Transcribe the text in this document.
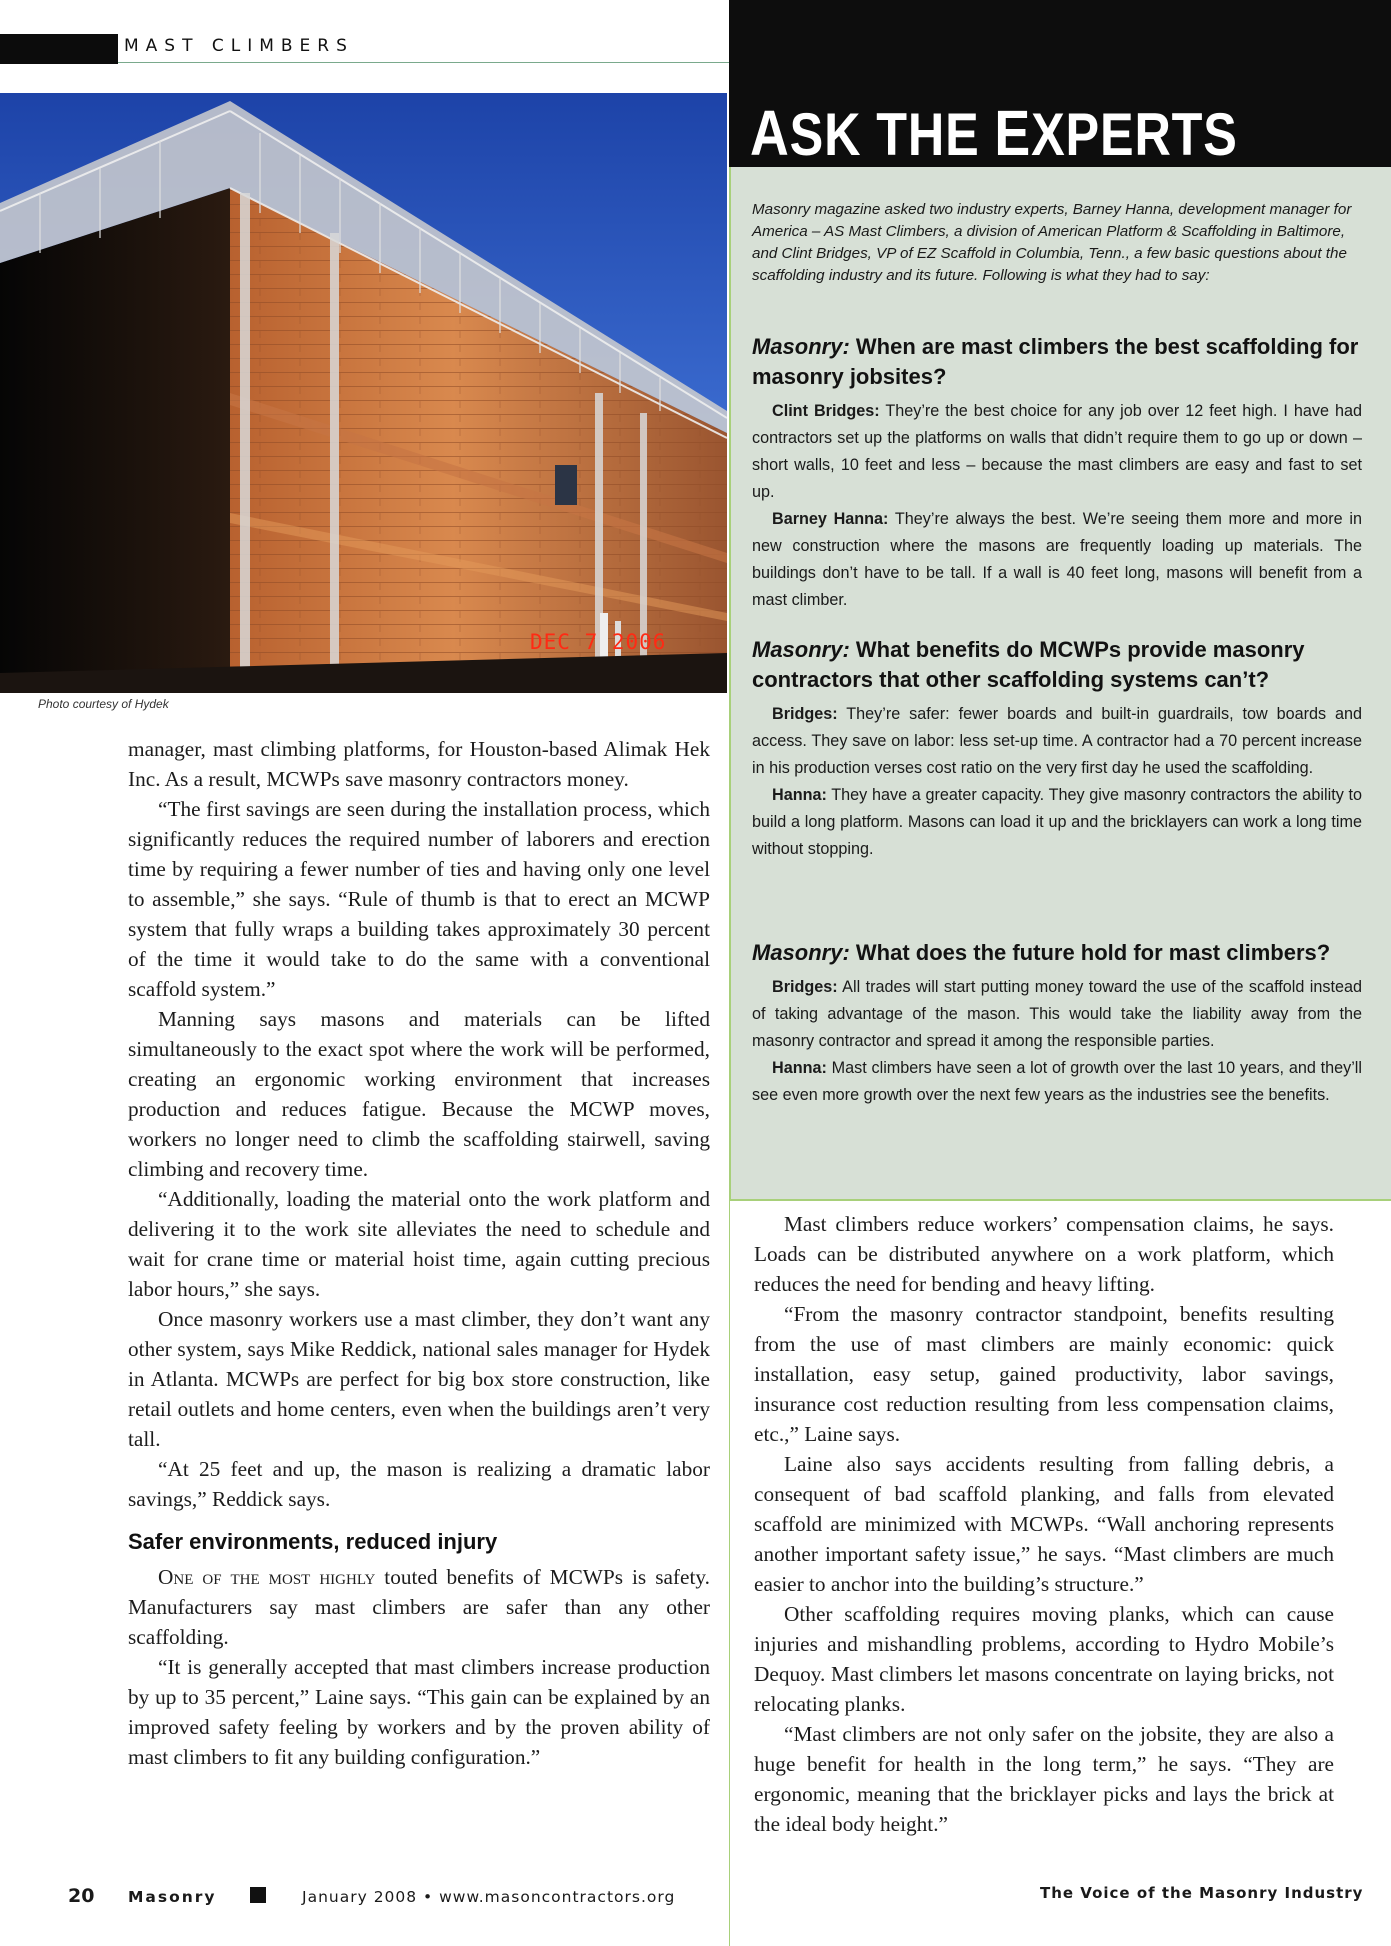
MAST CLIMBERS
DEC 7 2006
Photo courtesy of Hydek

manager, mast climbing platforms, for Houston-based Alimak Hek Inc. As a result, MCWPs save masonry contractors money.

“The first savings are seen during the installation process, which significantly reduces the required number of laborers and erection time by requiring a fewer number of ties and having only one level to assemble,” she says. “Rule of thumb is that to erect an MCWP system that fully wraps a building takes approximately 30 percent of the time it would take to do the same with a conventional scaffold system.”

Manning says masons and materials can be lifted simultaneously to the exact spot where the work will be performed, creating an ergonomic working environment that increases production and reduces fatigue. Because the MCWP moves, workers no longer need to climb the scaffolding stairwell, saving climbing and recovery time.

“Additionally, loading the material onto the work platform and delivering it to the work site alleviates the need to schedule and wait for crane time or material hoist time, again cutting precious labor hours,” she says.

Once masonry workers use a mast climber, they don’t want any other system, says Mike Reddick, national sales manager for Hydek in Atlanta. MCWPs are perfect for big box store construction, like retail outlets and home centers, even when the buildings aren’t very tall.

“At 25 feet and up, the mason is realizing a dramatic labor savings,” Reddick says.

Safer environments, reduced injury

One of the most highly touted benefits of MCWPs is safety. Manufacturers say mast climbers are safer than any other scaffolding.

“It is generally accepted that mast climbers increase production by up to 35 percent,” Laine says. “This gain can be explained by an improved safety feeling by workers and by the proven ability of mast climbers to fit any building configuration.”

ASK THE EXPERTS
Masonry magazine asked two industry experts, Barney Hanna, development manager for America – AS Mast Climbers, a division of American Platform & Scaffolding in Baltimore, and Clint Bridges, VP of EZ Scaffold in Columbia, Tenn., a few basic questions about the scaffolding industry and its future. Following is what they had to say:
Masonry: When are mast climbers the best scaffolding for masonry jobsites?

Clint Bridges: They’re the best choice for any job over 12 feet high. I have had contractors set up the platforms on walls that didn’t require them to go up or down – short walls, 10 feet and less – because the mast climbers are easy and fast to set up.

Barney Hanna: They’re always the best. We’re seeing them more and more in new construction where the masons are frequently loading up materials. The buildings don’t have to be tall. If a wall is 40 feet long, masons will benefit from a mast climber.

Masonry: What benefits do MCWPs provide masonry contractors that other scaffolding systems can’t?

Bridges: They’re safer: fewer boards and built-in guardrails, tow boards and access. They save on labor: less set-up time. A contractor had a 70 percent increase in his production verses cost ratio on the very first day he used the scaffolding.

Hanna: They have a greater capacity. They give masonry contractors the ability to build a long platform. Masons can load it up and the bricklayers can work a long time without stopping.

Masonry: What does the future hold for mast climbers?

Bridges: All trades will start putting money toward the use of the scaffold instead of taking advantage of the mason. This would take the liability away from the masonry contractor and spread it among the responsible parties.

Hanna: Mast climbers have seen a lot of growth over the last 10 years, and they’ll see even more growth over the next few years as the industries see the benefits.

Mast climbers reduce workers’ compensation claims, he says. Loads can be distributed anywhere on a work platform, which reduces the need for bending and heavy lifting.

“From the masonry contractor standpoint, benefits resulting from the use of mast climbers are mainly economic: quick installation, easy setup, gained productivity, labor savings, insurance cost reduction resulting from less compensation claims, etc.,” Laine says.

Laine also says accidents resulting from falling debris, a consequent of bad scaffold planking, and falls from elevated scaffold are minimized with MCWPs. “Wall anchoring represents another important safety issue,” he says. “Mast climbers are much easier to anchor into the building’s structure.”

Other scaffolding requires moving planks, which can cause injuries and mishandling problems, according to Hydro Mobile’s Dequoy. Mast climbers let masons concentrate on laying bricks, not relocating planks.

“Mast climbers are not only safer on the jobsite, they are also a huge benefit for health in the long term,” he says. “They are ergonomic, meaning that the bricklayer picks and lays the brick at the ideal body height.”

20 Masonry	January 2008 • www.masoncontractors.org	The Voice of the Masonry Industry
